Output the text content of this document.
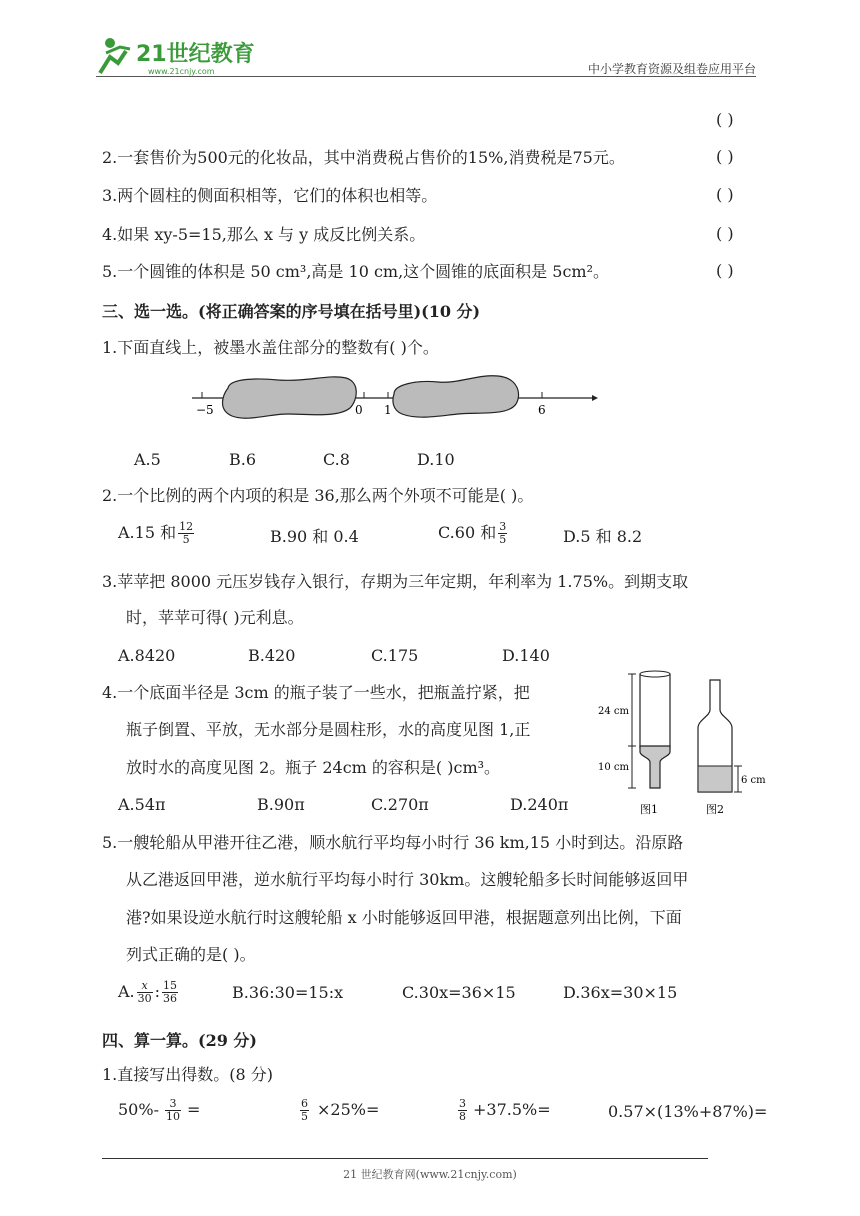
21世纪教育
www.21cnjy.com	中小学教育资源及组卷应用平台
( )
2.一套售价为500元的化妆品，其中消费税占售价的15%,消费税是75元。	( )
3.两个圆柱的侧面积相等，它们的体积也相等。	( )
4.如果 xy-5=15,那么 x 与 y 成反比例关系。	( )
5.一个圆锥的体积是 50 cm³,高是 10 cm,这个圆锥的底面积是 5cm²。	( )
三、选一选。(将正确答案的序号填在括号里)(10 分)
1.下面直线上，被墨水盖住部分的整数有( )个。
−5	0 1	6
A.5	B.6	C.8	D.10
2.一个比例的两个内项的积是 36,那么两个外项不可能是( )。
A.15 和 $\frac{12}{5}$	B.90 和 0.4	C.60 和 $\frac{3}{5}$	D.5 和 8.2
3.苹苹把 8000 元压岁钱存入银行，存期为三年定期，年利率为 1.75%。到期支取
时，苹苹可得( )元利息。
A.8420	B.420	C.175	D.140
4.一个底面半径是 3cm 的瓶子装了一些水，把瓶盖拧紧，把
瓶子倒置、平放，无水部分是圆柱形，水的高度见图 1,正
放时水的高度见图 2。瓶子 24cm 的容积是( )cm³。
24 cm
10 cm
图1
6 cm
图2
A.54π	B.90π	C.270π	D.240π
5.一艘轮船从甲港开往乙港，顺水航行平均每小时行 36 km,15 小时到达。沿原路
从乙港返回甲港，逆水航行平均每小时行 30km。这艘轮船多长时间能够返回甲
港?如果设逆水航行时这艘轮船 x 小时能够返回甲港，根据题意列出比例，下面
列式正确的是( )。
A. $\frac{x}{30}$ : $\frac{15}{36}$	B.36:30=15:x	C.30x=36×15	D.36x=30×15
四、算一算。(29 分)
1.直接写出得数。(8 分)
$50\%- \frac{3}{10}$ =	$\frac{6}{5} \times 25\%=$	$\frac{3}{8} +37.5\%=$	0.57×(13%+87%)=
21 世纪教育网(www.21cnjy.com)
